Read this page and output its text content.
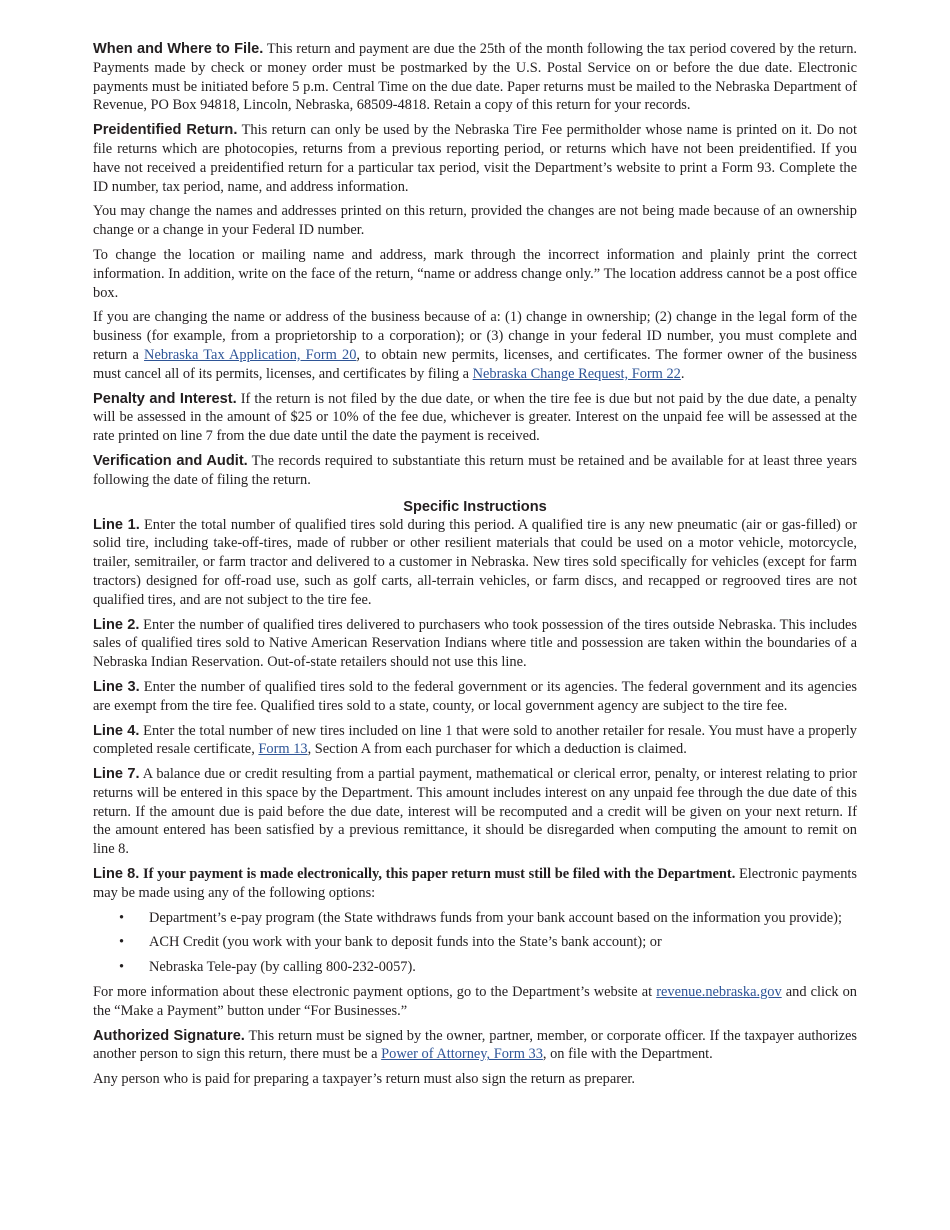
When and Where to File. This return and payment are due the 25th of the month following the tax period covered by the return. Payments made by check or money order must be postmarked by the U.S. Postal Service on or before the due date. Electronic payments must be initiated before 5 p.m. Central Time on the due date. Paper returns must be mailed to the Nebraska Department of Revenue, PO Box 94818, Lincoln, Nebraska, 68509-4818. Retain a copy of this return for your records.

Preidentified Return. This return can only be used by the Nebraska Tire Fee permitholder whose name is printed on it. Do not file returns which are photocopies, returns from a previous reporting period, or returns which have not been preidentified. If you have not received a preidentified return for a particular tax period, visit the Department’s website to print a Form 93. Complete the ID number, tax period, name, and address information.

You may change the names and addresses printed on this return, provided the changes are not being made because of an ownership change or a change in your Federal ID number.

To change the location or mailing name and address, mark through the incorrect information and plainly print the correct information. In addition, write on the face of the return, “name or address change only.” The location address cannot be a post office box.

If you are changing the name or address of the business because of a: (1) change in ownership; (2) change in the legal form of the business (for example, from a proprietorship to a corporation); or (3) change in your federal ID number, you must complete and return a Nebraska Tax Application, Form 20, to obtain new permits, licenses, and certificates. The former owner of the business must cancel all of its permits, licenses, and certificates by filing a Nebraska Change Request, Form 22.

Penalty and Interest. If the return is not filed by the due date, or when the tire fee is due but not paid by the due date, a penalty will be assessed in the amount of $25 or 10% of the fee due, whichever is greater. Interest on the unpaid fee will be assessed at the rate printed on line 7 from the due date until the date the payment is received.

Verification and Audit. The records required to substantiate this return must be retained and be available for at least three years following the date of filing the return.

Specific Instructions

Line 1. Enter the total number of qualified tires sold during this period. A qualified tire is any new pneumatic (air or gas-filled) or solid tire, including take-off-tires, made of rubber or other resilient materials that could be used on a motor vehicle, motorcycle, trailer, semitrailer, or farm tractor and delivered to a customer in Nebraska. New tires sold specifically for vehicles (except for farm tractors) designed for off-road use, such as golf carts, all-terrain vehicles, or farm discs, and recapped or regrooved tires are not qualified tires, and are not subject to the tire fee.

Line 2. Enter the number of qualified tires delivered to purchasers who took possession of the tires outside Nebraska. This includes sales of qualified tires sold to Native American Reservation Indians where title and possession are taken within the boundaries of a Nebraska Indian Reservation. Out-of-state retailers should not use this line.

Line 3. Enter the number of qualified tires sold to the federal government or its agencies. The federal government and its agencies are exempt from the tire fee. Qualified tires sold to a state, county, or local government agency are subject to the tire fee.

Line 4. Enter the total number of new tires included on line 1 that were sold to another retailer for resale. You must have a properly completed resale certificate, Form 13, Section A from each purchaser for which a deduction is claimed.

Line 7. A balance due or credit resulting from a partial payment, mathematical or clerical error, penalty, or interest relating to prior returns will be entered in this space by the Department. This amount includes interest on any unpaid fee through the due date of this return. If the amount due is paid before the due date, interest will be recomputed and a credit will be given on your next return. If the amount entered has been satisfied by a previous remittance, it should be disregarded when computing the amount to remit on line 8.

Line 8. If your payment is made electronically, this paper return must still be filed with the Department. Electronic payments may be made using any of the following options:

• Department’s e-pay program (the State withdraws funds from your bank account based on the information you provide);
• ACH Credit (you work with your bank to deposit funds into the State’s bank account); or
• Nebraska Tele-pay (by calling 800-232-0057).

For more information about these electronic payment options, go to the Department’s website at revenue.nebraska.gov and click on the “Make a Payment” button under “For Businesses.”

Authorized Signature. This return must be signed by the owner, partner, member, or corporate officer. If the taxpayer authorizes another person to sign this return, there must be a Power of Attorney, Form 33, on file with the Department.

Any person who is paid for preparing a taxpayer’s return must also sign the return as preparer.
